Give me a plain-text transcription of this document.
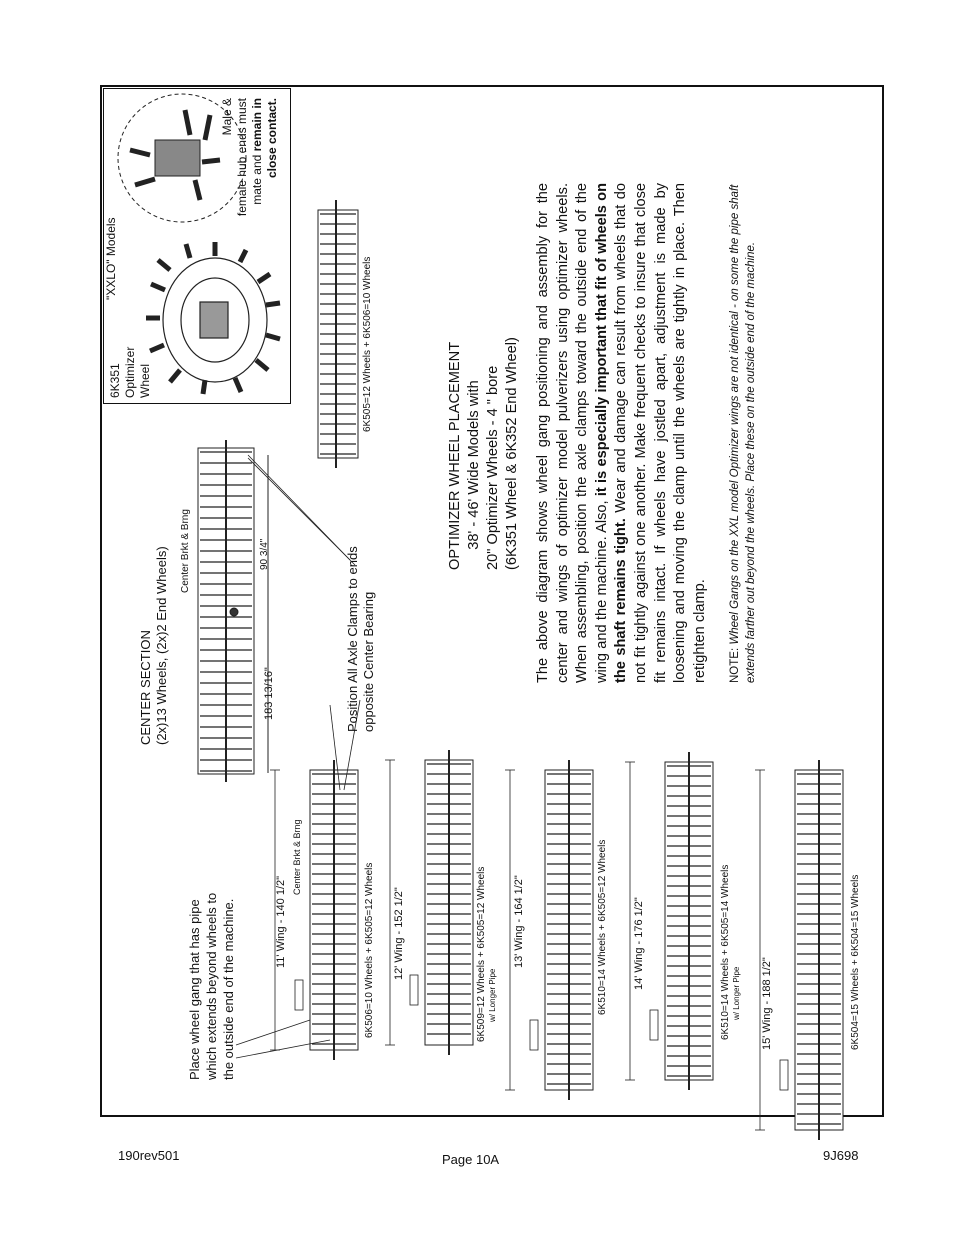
"XXLO" Models
6K351
Optimizer
Wheel
Male &
female hub ends must
mate and remain in
close contact.
CENTER SECTION
(2x)13 Wheels, (2x)2 End Wheels) Center Brkt & Brng
183 13/16"
90 3/4"
6K505=12 Wheels + 6K506=10 Wheels
Position All Axle Clamps to ends
opposite Center Bearing
OPTIMIZER WHEEL PLACEMENT 38' - 46' Wide Models with 20" Optimizer Wheels - 4 " bore (6K351 Wheel & 6K352 End Wheel) The above diagram shows wheel gang positioning and assembly for the center and wings of optimizer model pulverizers using optimizer wheels. When assembling, position the axle clamps toward the outside end of the wing and the machine. Also, it is especially important that fit of wheels on the shaft remains tight. Wear and damage can result from wheels that do not fit tightly against one another. Make frequent checks to insure that close fit remains intact. If wheels have jostled apart, adjustment is made by loosening and moving the clamp until the wheels are tightly in place. Then retighten clamp. NOTE: Wheel Gangs on the XXL model Optimizer wings are not identical - on some the pipe shaft extends farther out beyond the wheels. Place these on the outside end of the machine.
Place wheel gang that has pipe which extends beyond wheels to the outside end of the machine.	11' Wing - 140 1/2"	6K506=10 Wheels + 6K505=12 Wheels
Center Brkt & Brng
12' Wing - 152 1/2"	6K509=12 Wheels + 6K505=12 Wheels
w/ Longer Pipe
13' Wing - 164 1/2"	6K510=14 Wheels + 6K505=12 Wheels 14' Wing - 176 1/2"	6K510=14 Wheels + 6K505=14 Wheels
w/ Longer Pipe 15' Wing - 188 1/2"	6K504=15 Wheels + 6K504=15 Wheels
190rev501	Page 10A	9J698
